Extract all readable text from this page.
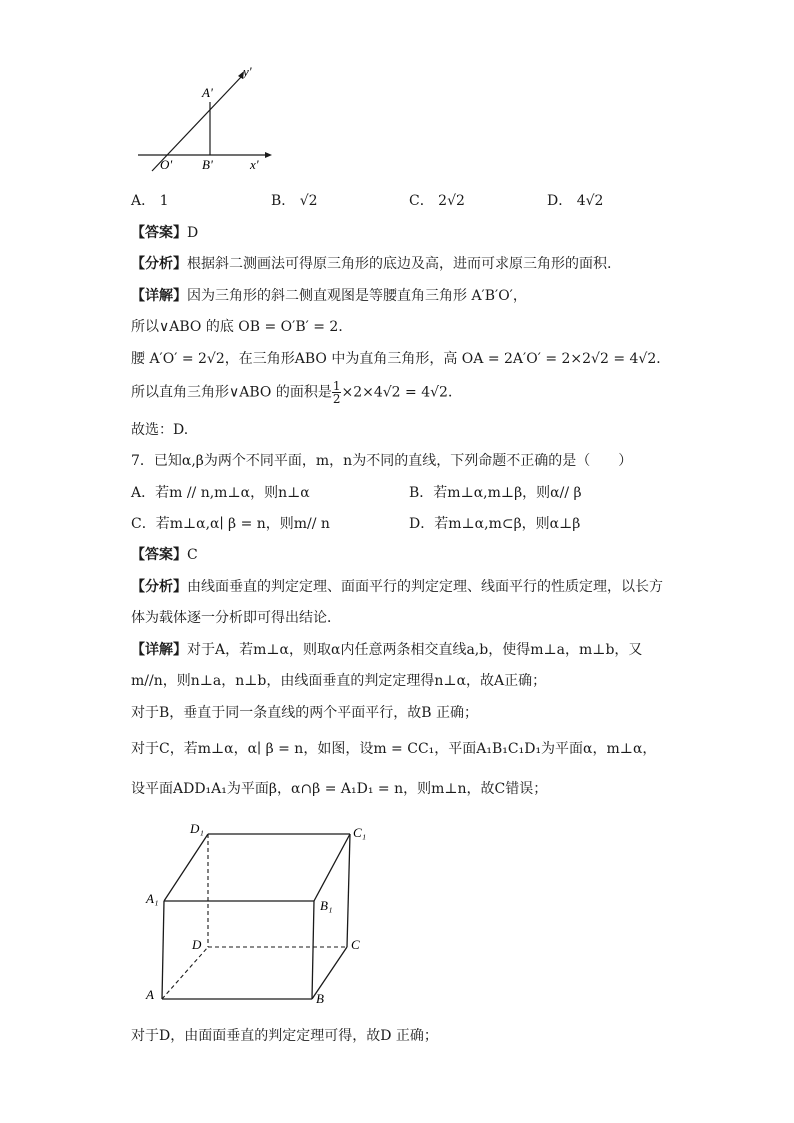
A'
B'
O'	x'
y'
A． 1	B． √2	C． 2√2	D． 4√2
【答案】D
【分析】根据斜二测画法可得原三角形的底边及高，进而可求原三角形的面积.
【详解】因为三角形的斜二侧直观图是等腰直角三角形 A′B′O′，
所以∨ABO 的底 OB = O′B′ = 2．
腰 A′O′ = 2√2，在三角形ABO 中为直角三角形，高 OA = 2A′O′ = 2×2√2 = 4√2．
所以直角三角形∨ABO 的面积是 $\frac{1}{2} \times 2\times 4√2 = 4√2$．
故选：D.
7．已知α,β为两个不同平面，m，n为不同的直线，下列命题不正确的是（　　）
A．若m // n,m⊥α，则n⊥α	B．若m⊥α,m⊥β，则α// β
C．若m⊥α,α∣ β = n，则m// n	D．若m⊥α,m⊂β，则α⊥β
【答案】C
【分析】由线面垂直的判定定理、面面平行的判定定理、线面平行的性质定理，以长方
体为载体逐一分析即可得出结论．
【详解】对于A，若m⊥α，则取α内任意两条相交直线a,b，使得m⊥a，m⊥b，又
m//n，则n⊥a，n⊥b，由线面垂直的判定定理得n⊥α，故A正确；
对于B，垂直于同一条直线的两个平面平行，故B 正确；
对于C，若m⊥α，α∣ β = n，如图，设m = CC₁，平面A₁B₁C₁D₁为平面α，m⊥α，
设平面ADD₁A₁为平面β，α∩β = A₁D₁ = n，则m⊥n，故C错误；
D₁	C₁
A₁	B₁
D	C
A	B
对于D，由面面垂直的判定定理可得，故D 正确；
